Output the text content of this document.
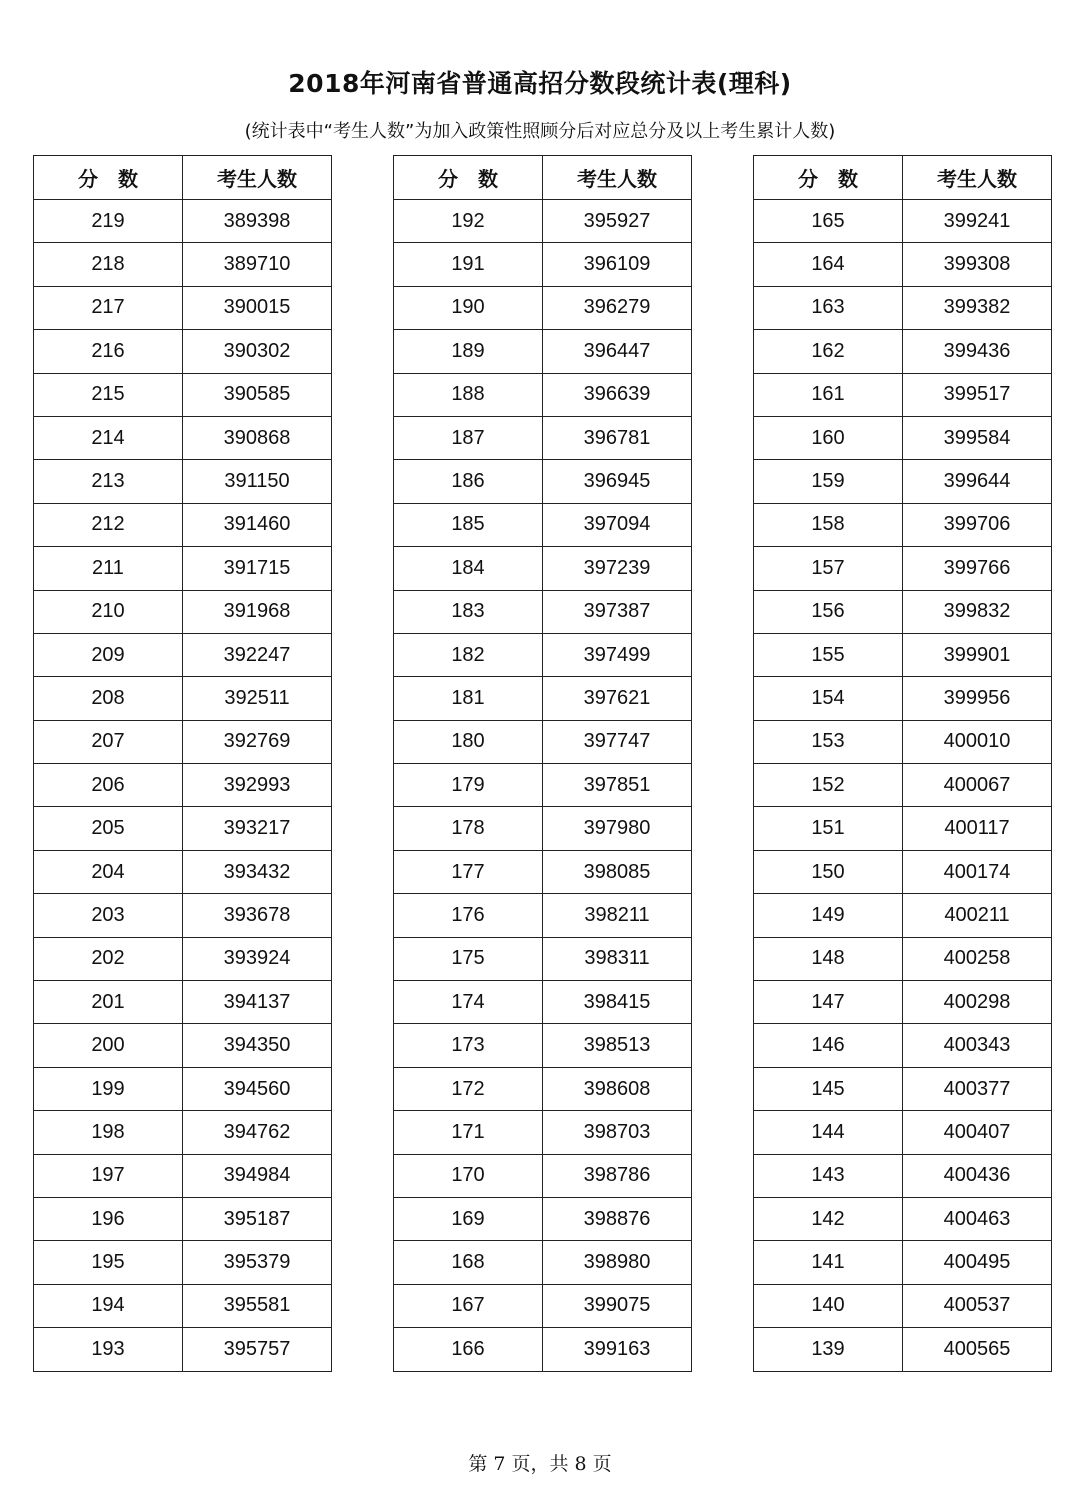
2018年河南省普通高招分数段统计表(理科)
(统计表中“考生人数”为加入政策性照顾分后对应总分及以上考生累计人数)
分　数	考生人数
219	389398
218	389710
217	390015
216	390302
215	390585
214	390868
213	391150
212	391460
211	391715
210	391968
209	392247
208	392511
207	392769
206	392993
205	393217
204	393432
203	393678
202	393924
201	394137
200	394350
199	394560
198	394762
197	394984
196	395187
195	395379
194	395581
193	395757
分　数	考生人数
192	395927
191	396109
190	396279
189	396447
188	396639
187	396781
186	396945
185	397094
184	397239
183	397387
182	397499
181	397621
180	397747
179	397851
178	397980
177	398085
176	398211
175	398311
174	398415
173	398513
172	398608
171	398703
170	398786
169	398876
168	398980
167	399075
166	399163
分　数	考生人数
165	399241
164	399308
163	399382
162	399436
161	399517
160	399584
159	399644
158	399706
157	399766
156	399832
155	399901
154	399956
153	400010
152	400067
151	400117
150	400174
149	400211
148	400258
147	400298
146	400343
145	400377
144	400407
143	400436
142	400463
141	400495
140	400537
139	400565
第 7 页，共 8 页
